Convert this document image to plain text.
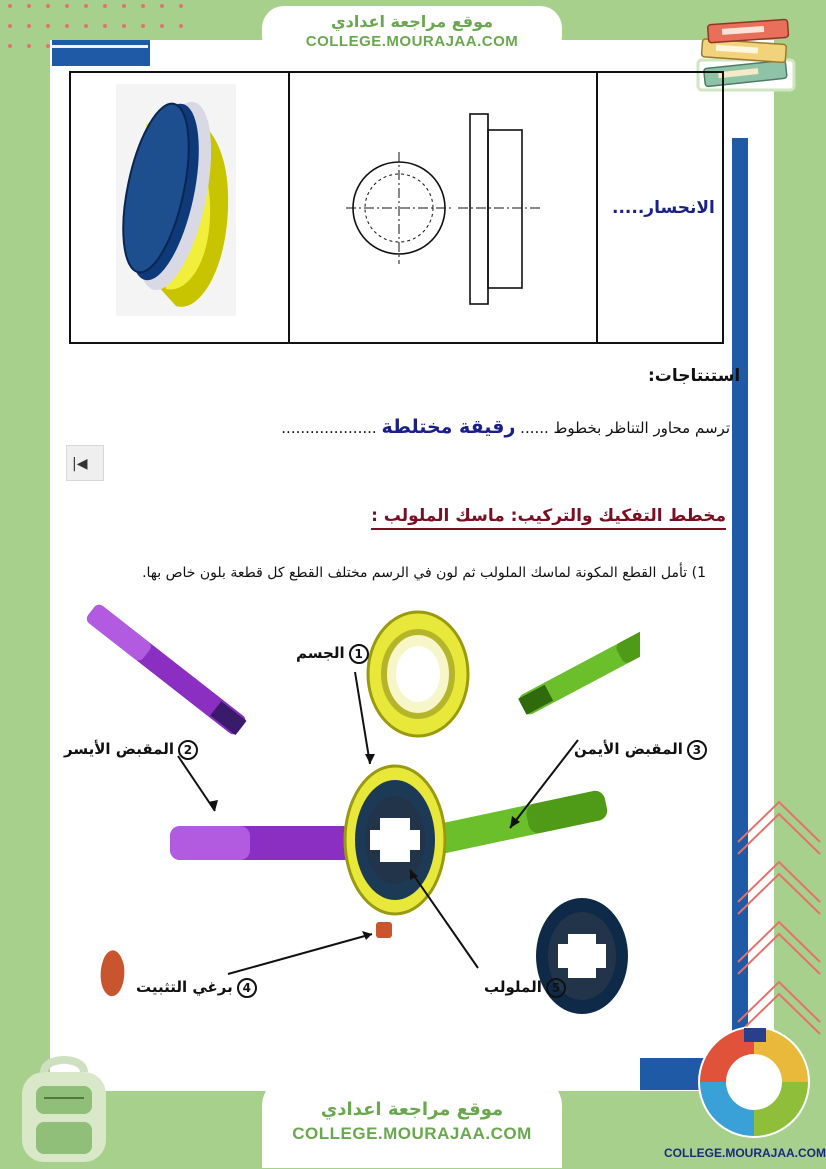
موقع مراجعة اعدادي
COLLEGE.MOURAJAA.COM
الانحسار.....
استنتاجات:
ترسم محاور التناظر بخطوط ...... رقيقة مختلطة ....................
|◀
مخطط التفكيك والتركيب: ماسك الملولب :
1) تأمل القطع المكونة لماسك الملولب ثم لون في الرسم مختلف القطع كل قطعة بلون خاص بها.
1الجسم
2المقبض الأيسر	3المقبض الأيمن
4برغي التثبيت	5الملولب
موقع مراجعة اعدادي
COLLEGE.MOURAJAA.COM
COLLEGE.MOURAJAA.COM
